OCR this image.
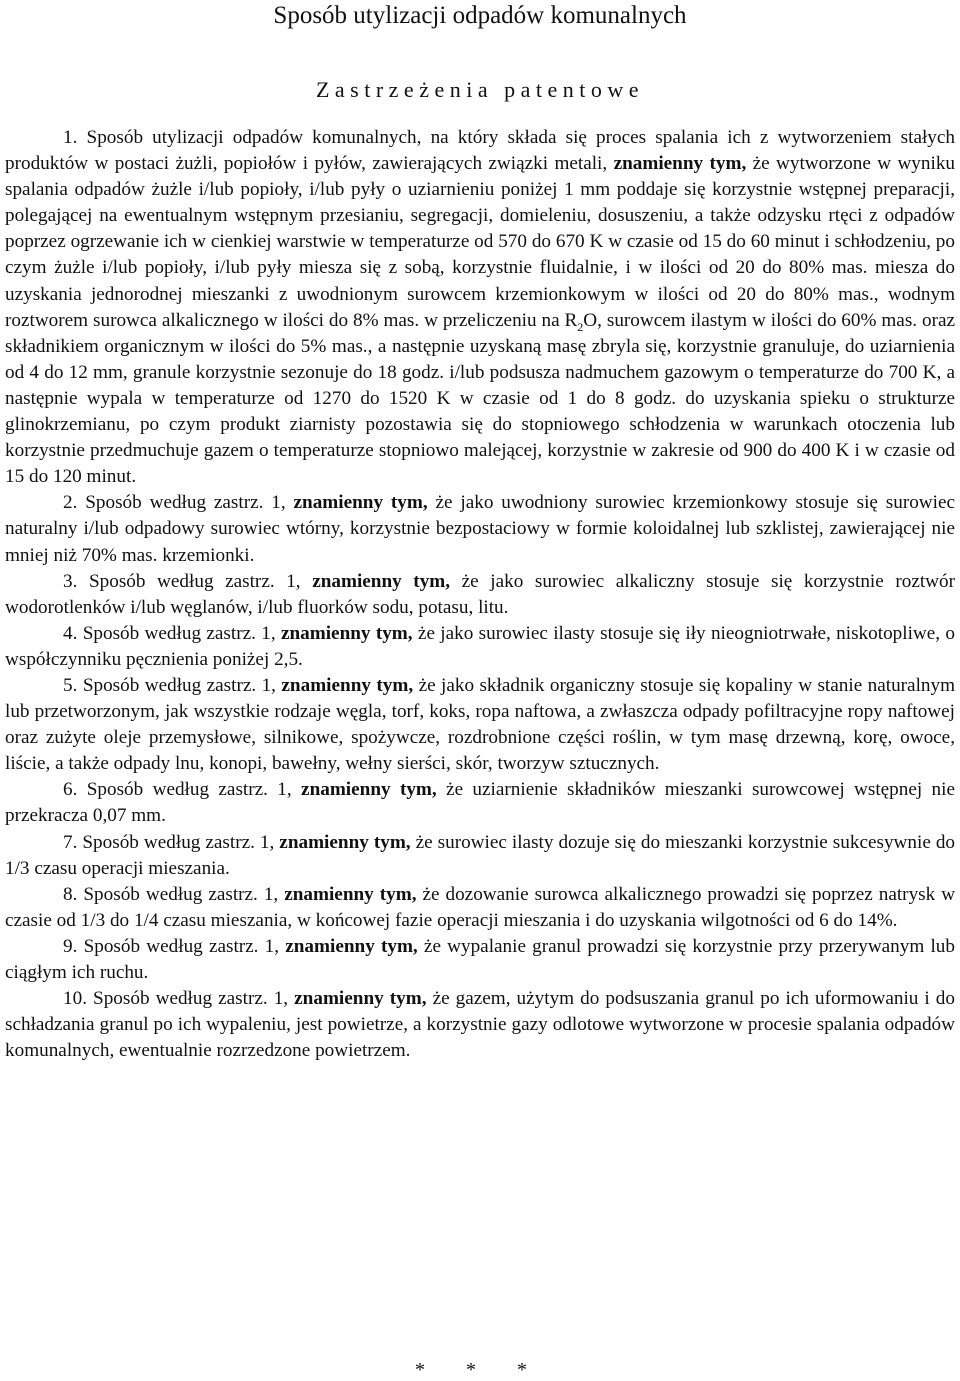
Sposób utylizacji odpadów komunalnych
Zastrzeżenia patentowe

1. Sposób utylizacji odpadów komunalnych, na który składa się proces spalania ich z wytworzeniem stałych produktów w postaci żużli, popiołów i pyłów, zawierających związki metali, znamienny tym, że wytworzone w wyniku spalania odpadów żużle i/lub popioły, i/lub pyły o uziarnieniu poniżej 1 mm poddaje się korzystnie wstępnej preparacji, polegającej na ewentualnym wstępnym przesianiu, segregacji, domieleniu, dosuszeniu, a także odzysku rtęci z odpadów poprzez ogrzewanie ich w cienkiej warstwie w temperaturze od 570 do 670 K w czasie od 15 do 60 minut i schłodzeniu, po czym żużle i/lub popioły, i/lub pyły miesza się z sobą, korzystnie fluidalnie, i w ilości od 20 do 80% mas. miesza do uzyskania jednorodnej mieszanki z uwodnionym surowcem krzemionkowym w ilości od 20 do 80% mas., wodnym roztworem surowca alkalicznego w ilości do 8% mas. w przeliczeniu na $R_2O$, surowcem ilastym w ilości do 60% mas. oraz składnikiem organicznym w ilości do 5% mas., a następnie uzyskaną masę zbryla się, korzystnie granuluje, do uziarnienia od 4 do 12 mm, granule korzystnie sezonuje do 18 godz. i/lub podsusza nadmuchem gazowym o temperaturze do 700 K, a następnie wypala w temperaturze od 1270 do 1520 K w czasie od 1 do 8 godz. do uzyskania spieku o strukturze glinokrzemianu, po czym produkt ziarnisty pozostawia się do stopniowego schłodzenia w warunkach otoczenia lub korzystnie przedmuchuje gazem o temperaturze stopniowo malejącej, korzystnie w zakresie od 900 do 400 K i w czasie od 15 do 120 minut.

2. Sposób według zastrz. 1, znamienny tym, że jako uwodniony surowiec krzemionkowy stosuje się surowiec naturalny i/lub odpadowy surowiec wtórny, korzystnie bezpostaciowy w formie koloidalnej lub szklistej, zawierającej nie mniej niż 70% mas. krzemionki.

3. Sposób według zastrz. 1, znamienny tym, że jako surowiec alkaliczny stosuje się korzystnie roztwór wodorotlenków i/lub węglanów, i/lub fluorków sodu, potasu, litu.

4. Sposób według zastrz. 1, znamienny tym, że jako surowiec ilasty stosuje się iły nieogniotrwałe, niskotopliwe, o współczynniku pęcznienia poniżej 2,5.

5. Sposób według zastrz. 1, znamienny tym, że jako składnik organiczny stosuje się kopaliny w stanie naturalnym lub przetworzonym, jak wszystkie rodzaje węgla, torf, koks, ropa naftowa, a zwłaszcza odpady pofiltracyjne ropy naftowej oraz zużyte oleje przemysłowe, silnikowe, spożywcze, rozdrobnione części roślin, w tym masę drzewną, korę, owoce, liście, a także odpady lnu, konopi, bawełny, wełny sierści, skór, tworzyw sztucznych.

6. Sposób według zastrz. 1, znamienny tym, że uziarnienie składników mieszanki surowcowej wstępnej nie przekracza 0,07 mm.

7. Sposób według zastrz. 1, znamienny tym, że surowiec ilasty dozuje się do mieszanki korzystnie sukcesywnie do 1/3 czasu operacji mieszania.

8. Sposób według zastrz. 1, znamienny tym, że dozowanie surowca alkalicznego prowadzi się poprzez natrysk w czasie od 1/3 do 1/4 czasu mieszania, w końcowej fazie operacji mieszania i do uzyskania wilgotności od 6 do 14%.

9. Sposób według zastrz. 1, znamienny tym, że wypalanie granul prowadzi się korzystnie przy przerywanym lub ciągłym ich ruchu.

10. Sposób według zastrz. 1, znamienny tym, że gazem, użytym do podsuszania granul po ich uformowaniu i do schładzania granul po ich wypaleniu, jest powietrze, a korzystnie gazy odlotowe wytworzone w procesie spalania odpadów komunalnych, ewentualnie rozrzedzone powietrzem.

* * *
